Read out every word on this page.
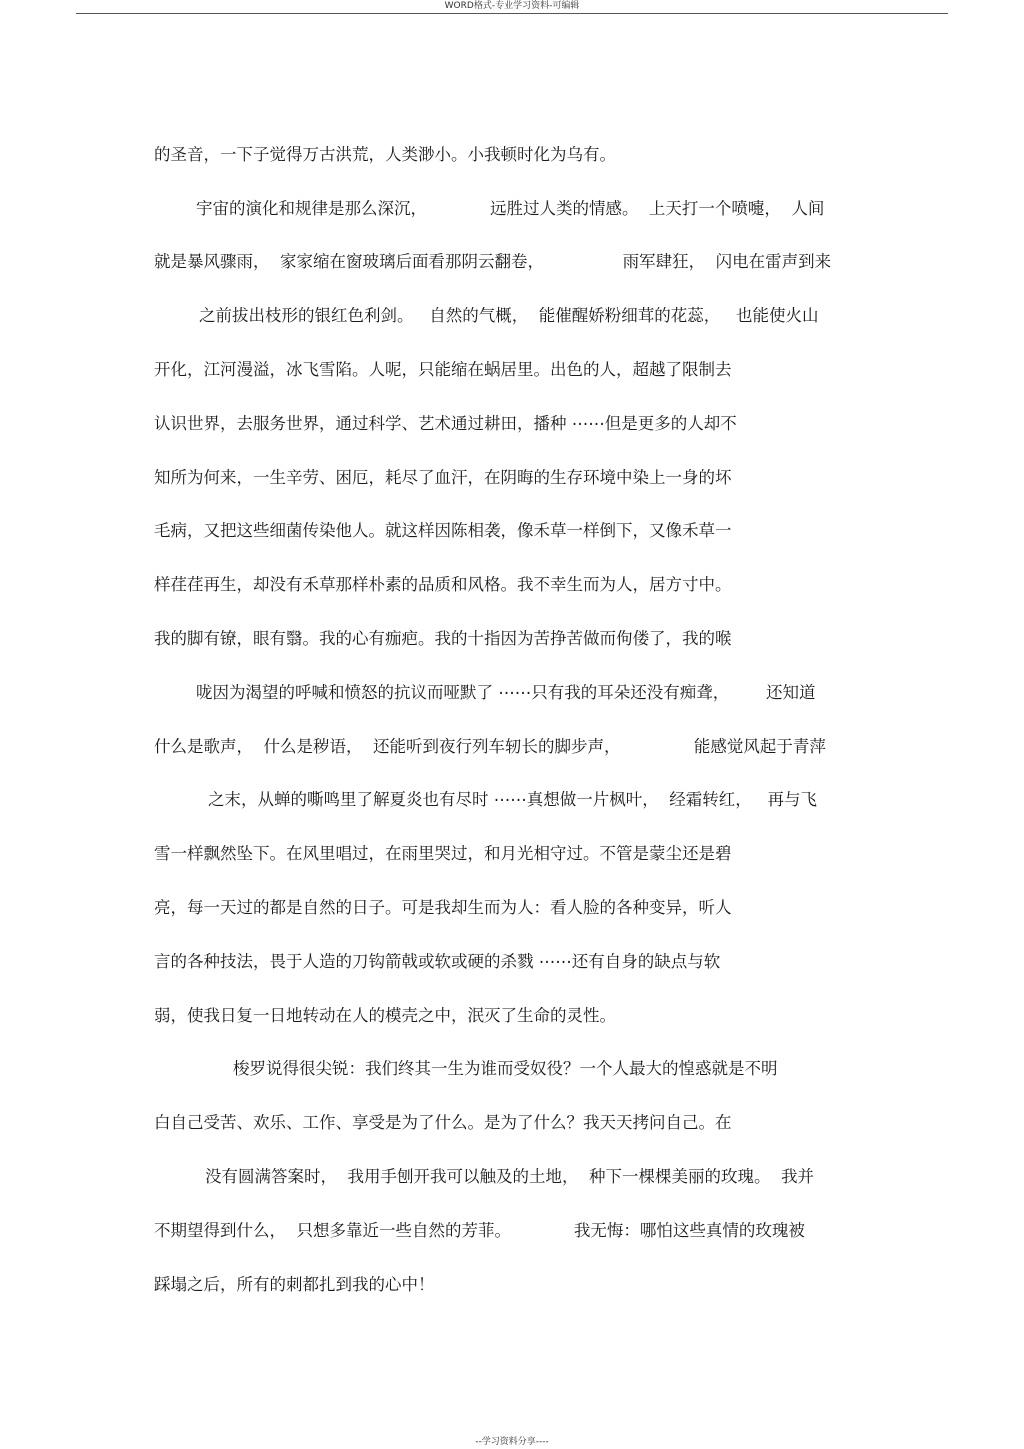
WORD格式-专业学习资料-可编辑
的圣音，一下子觉得万古洪荒，人类渺小。小我顿时化为乌有。
宇宙的演化和规律是那么深沉，            远胜过人类的情感。  上天打一个喷嚏，  人间
就是暴风骤雨，  家家缩在窗玻璃后面看那阴云翻卷，               雨军肆狂，  闪电在雷声到来
之前拔出枝形的银红色利剑。   自然的气概，  能催醒娇粉细茸的花蕊，   也能使火山
开化，江河漫溢，冰飞雪陷。人呢，只能缩在蜗居里。出色的人，超越了限制去
认识世界，去服务世界，通过科学、艺术通过耕田，播种 ⋯⋯但是更多的人却不
知所为何来，一生辛劳、困厄，耗尽了血汗，在阴晦的生存环境中染上一身的坏
毛病，又把这些细菌传染他人。就这样因陈相袭，像禾草一样倒下，又像禾草一
样荏荏再生，却没有禾草那样朴素的品质和风格。我不幸生而为人，居方寸中。
我的脚有镣，眼有翳。我的心有痂疤。我的十指因为苦挣苦做而佝偻了，我的喉
咙因为渴望的呼喊和愤怒的抗议而哑默了 ⋯⋯只有我的耳朵还没有痴聋，       还知道
什么是歌声，  什么是秽语，  还能听到夜行列车轫长的脚步声，              能感觉风起于青萍
之末，从蝉的嘶鸣里了解夏炎也有尽时 ⋯⋯真想做一片枫叶，  经霜转红，   再与飞
雪一样飘然坠下。在风里唱过，在雨里哭过，和月光相守过。不管是蒙尘还是碧
亮，每一天过的都是自然的日子。可是我却生而为人：看人脸的各种变异，听人
言的各种技法，畏于人造的刀钩箭戟或软或硬的杀戮 ⋯⋯还有自身的缺点与软
弱，使我日复一日地转动在人的模壳之中，泯灭了生命的灵性。
梭罗说得很尖锐：我们终其一生为谁而受奴役？一个人最大的惶惑就是不明
白自己受苦、欢乐、工作、享受是为了什么。是为了什么？我天天拷问自己。在
没有圆满答案时，  我用手刨开我可以触及的土地，  种下一棵棵美丽的玫瑰。  我并
不期望得到什么，  只想多靠近一些自然的芳菲。            我无悔：哪怕这些真情的玫瑰被
踩塌之后，所有的刺都扎到我的心中！
--学习资料分享----
